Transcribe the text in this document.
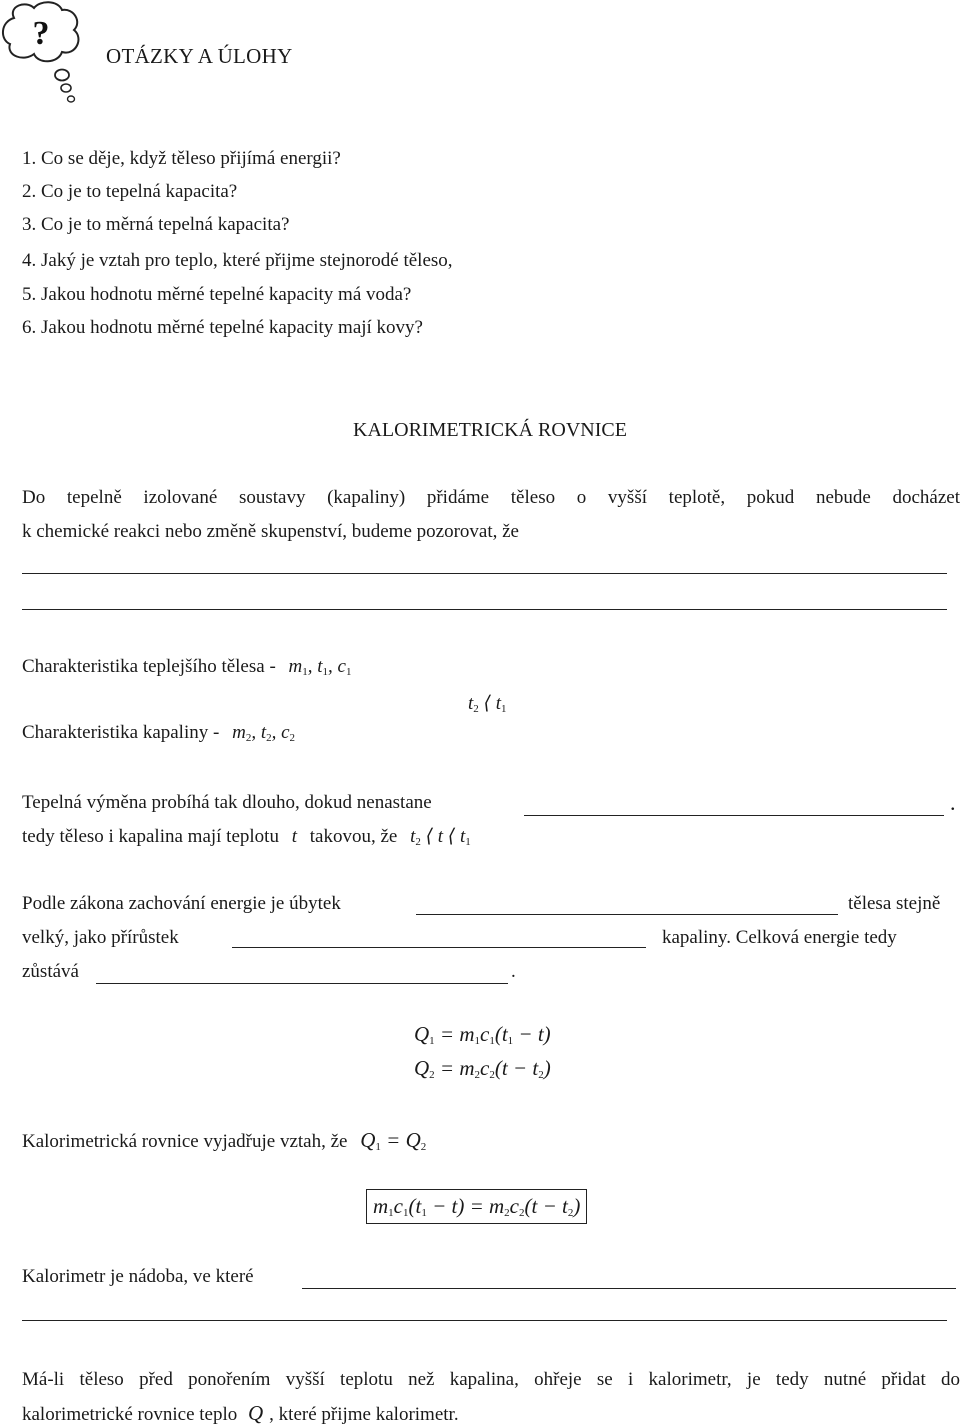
?
OTÁZKY A ÚLOHY
1. Co se děje, když těleso přijímá energii?
2. Co je to tepelná kapacita?
3. Co je to měrná tepelná kapacita?
4. Jaký je vztah pro teplo, které přijme stejnorodé těleso,
5. Jakou hodnotu měrné tepelné kapacity má voda?
6. Jakou hodnotu měrné tepelné kapacity mají kovy?
KALORIMETRICKÁ ROVNICE
Do tepelně izolované soustavy (kapaliny) přidáme těleso o vyšší teplotě, pokud nebude docházet
k chemické reakci nebo změně skupenství, budeme pozorovat, že
Charakteristika teplejšího tělesa - $m_1$, $t_1$, $c_1$
$t_2$ ⟨ $t_1$
Charakteristika kapaliny - $m_2$, $t_2$, $c_2$
Tepelná výměna probíhá tak dlouho, dokud nenastane	.
tedy těleso i kapalina mají teplotu t takovou, že $t_2$ ⟨ t ⟨ $t_1$
Podle zákona zachování energie je úbytek	tělesa stejně
velký, jako přírůstek	kapaliny. Celková energie tedy
zůstává	.
$Q_1 = m_1c_1(t_1 - t)$
$Q_2 = m_2c_2(t - t_2)$
Kalorimetrická rovnice vyjadřuje vztah, že $Q_1 = Q_2$
$m_1c_1(t_1 - t) = m_2c_2(t - t_2)$
Kalorimetr je nádoba, ve které
Má-li těleso před ponořením vyšší teplotu než kapalina, ohřeje se i kalorimetr, je tedy nutné přidat do
kalorimetrické rovnice teplo Q , které přijme kalorimetr.
